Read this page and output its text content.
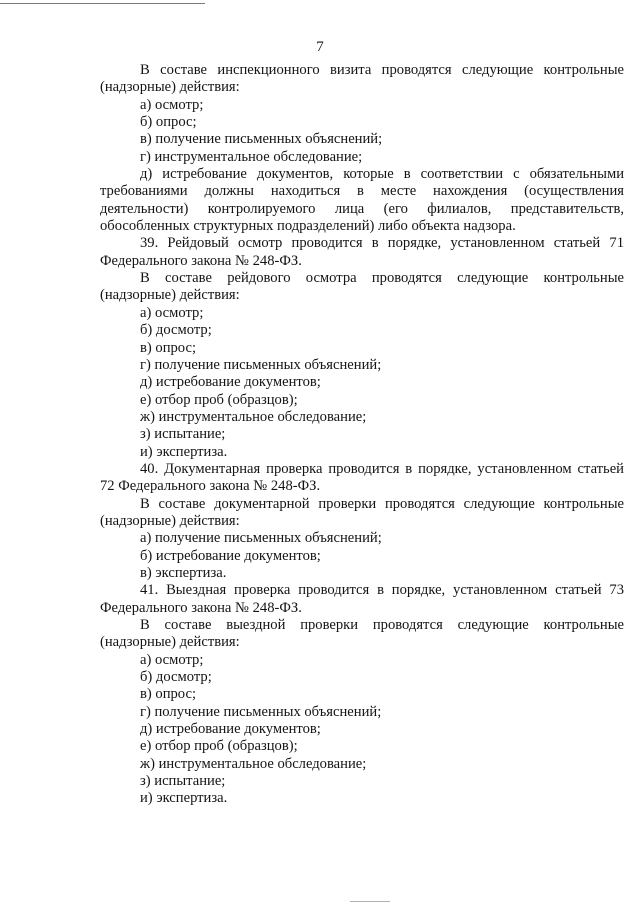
7
В составе инспекционного визита проводятся следующие контрольные (надзорные) действия:
а) осмотр;
б) опрос;
в) получение письменных объяснений;
г) инструментальное обследование;
д) истребование документов, которые в соответствии с обязательными требованиями должны находиться в месте нахождения (осуществления деятельности) контролируемого лица (его филиалов, представительств, обособленных структурных подразделений) либо объекта надзора.
39. Рейдовый осмотр проводится в порядке, установленном статьей 71 Федерального закона № 248-ФЗ.
В составе рейдового осмотра проводятся следующие контрольные (надзорные) действия:
а) осмотр;
б) досмотр;
в) опрос;
г) получение письменных объяснений;
д) истребование документов;
е) отбор проб (образцов);
ж) инструментальное обследование;
з) испытание;
и) экспертиза.
40. Документарная проверка проводится в порядке, установленном статьей 72 Федерального закона № 248-ФЗ.
В составе документарной проверки проводятся следующие контрольные (надзорные) действия:
а) получение письменных объяснений;
б) истребование документов;
в) экспертиза.
41. Выездная проверка проводится в порядке, установленном статьей 73 Федерального закона № 248-ФЗ.
В составе выездной проверки проводятся следующие контрольные (надзорные) действия:
а) осмотр;
б) досмотр;
в) опрос;
г) получение письменных объяснений;
д) истребование документов;
е) отбор проб (образцов);
ж) инструментальное обследование;
з) испытание;
и) экспертиза.
